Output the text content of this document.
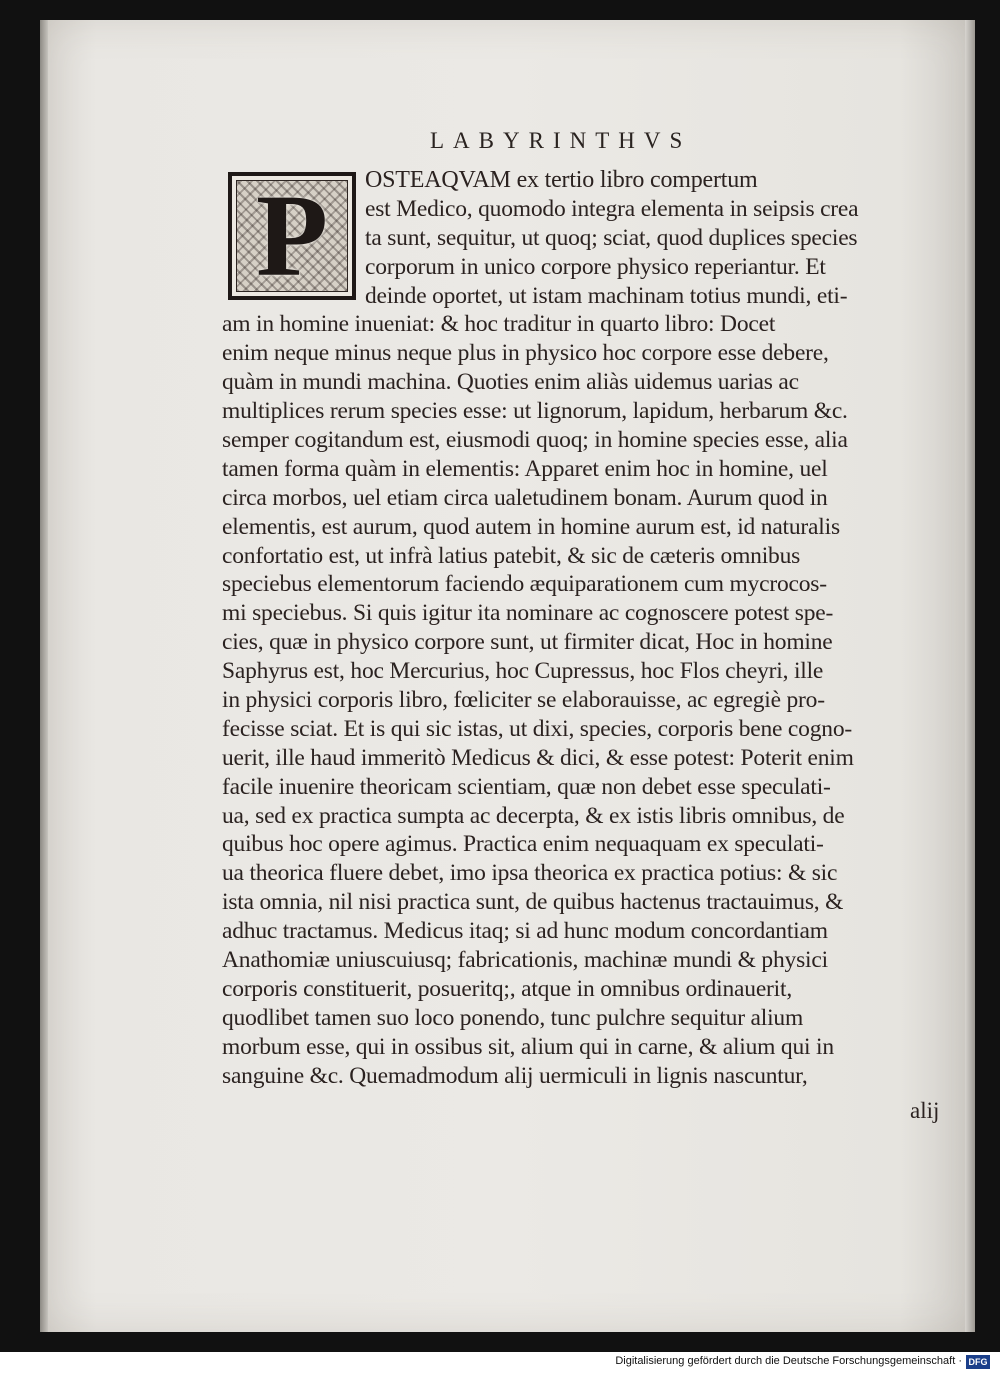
LABYRINTHVS
P	OSTEAQVAM ex tertio libro compertum
est Medico, quomodo integra elementa in seipsis crea
ta sunt, sequitur, ut quoq; sciat, quod duplices species
corporum in unico corpore physico reperiantur. Et
deinde oportet, ut istam machinam totius mundi, eti-
am in homine inueniat: & hoc traditur in quarto libro: Docet
enim neque minus neque plus in physico hoc corpore esse debere,
quàm in mundi machina. Quoties enim aliàs uidemus uarias ac
multiplices rerum species esse: ut lignorum, lapidum, herbarum &c.
semper cogitandum est, eiusmodi quoq; in homine species esse, alia
tamen forma quàm in elementis: Apparet enim hoc in homine, uel
circa morbos, uel etiam circa ualetudinem bonam. Aurum quod in
elementis, est aurum, quod autem in homine aurum est, id naturalis
confortatio est, ut infrà latius patebit, & sic de cæteris omnibus
speciebus elementorum faciendo æquiparationem cum mycrocos-
mi speciebus. Si quis igitur ita nominare ac cognoscere potest spe-
cies, quæ in physico corpore sunt, ut firmiter dicat, Hoc in homine
Saphyrus est, hoc Mercurius, hoc Cupressus, hoc Flos cheyri, ille
in physici corporis libro, fœliciter se elaborauisse, ac egregiè pro-
fecisse sciat. Et is qui sic istas, ut dixi, species, corporis bene cogno-
uerit, ille haud immeritò Medicus & dici, & esse potest: Poterit enim
facile inuenire theoricam scientiam, quæ non debet esse speculati-
ua, sed ex practica sumpta ac decerpta, & ex istis libris omnibus, de
quibus hoc opere agimus. Practica enim nequaquam ex speculati-
ua theorica fluere debet, imo ipsa theorica ex practica potius: & sic
ista omnia, nil nisi practica sunt, de quibus hactenus tractauimus, &
adhuc tractamus. Medicus itaq; si ad hunc modum concordantiam
Anathomiæ uniuscuiusq; fabricationis, machinæ mundi & physici
corporis constituerit, posueritq;, atque in omnibus ordinauerit,
quodlibet tamen suo loco ponendo, tunc pulchre sequitur alium
morbum esse, qui in ossibus sit, alium qui in carne, & alium qui in
sanguine &c. Quemadmodum alij uermiculi in lignis nascuntur,
alij
Digitalisierung gefördert durch die Deutsche Forschungsgemeinschaft · DFG
